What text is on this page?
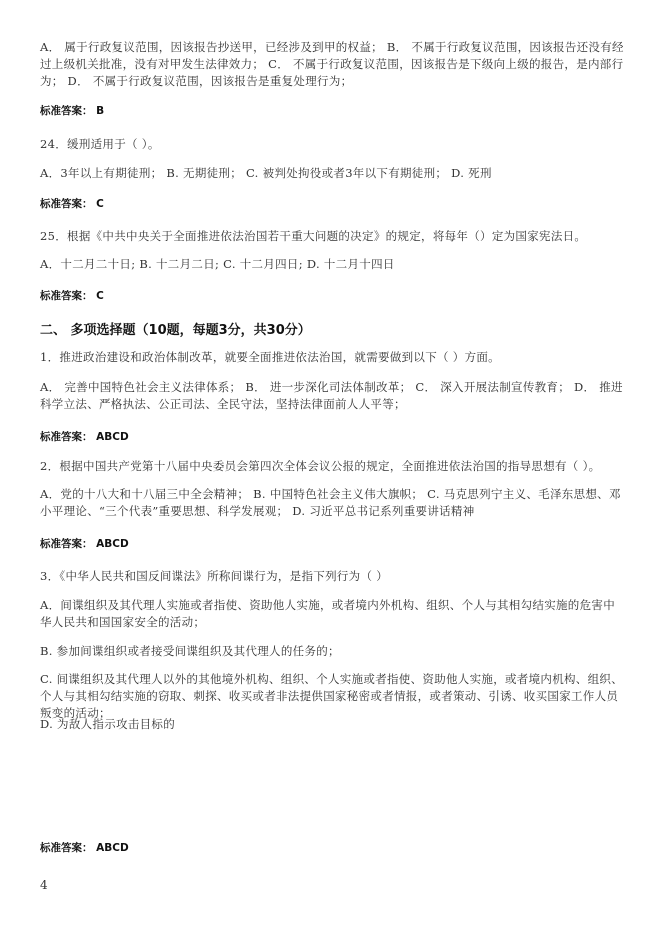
A． 属于行政复议范围，因该报告抄送甲，已经涉及到甲的权益； B． 不属于行政复议范围，因该报告还没有经过上级机关批准，没有对甲发生法律效力； C． 不属于行政复议范围，因该报告是下级向上级的报告，是内部行为； D． 不属于行政复议范围，因该报告是重复处理行为；
标准答案： B
24．缓刑适用于（ ）。
A．3年以上有期徒刑； B. 无期徒刑； C. 被判处拘役或者3年以下有期徒刑； D. 死刑
标准答案： C
25．根据《中共中央关于全面推进依法治国若干重大问题的决定》的规定，将每年（）定为国家宪法日。
A．十二月二十日; B. 十二月二日; C. 十二月四日; D. 十二月十四日
标准答案： C
二、 多项选择题（10题，每题3分，共30分）
1．推进政治建设和政治体制改革，就要全面推进依法治国，就需要做到以下（ ）方面。
A． 完善中国特色社会主义法律体系； B． 进一步深化司法体制改革； C． 深入开展法制宣传教育； D． 推进科学立法、严格执法、公正司法、全民守法，坚持法律面前人人平等；
标准答案： ABCD
2．根据中国共产党第十八届中央委员会第四次全体会议公报的规定，全面推进依法治国的指导思想有（ ）。
A．党的十八大和十八届三中全会精神； B. 中国特色社会主义伟大旗帜； C. 马克思列宁主义、毛泽东思想、邓小平理论、“三个代表”重要思想、科学发展观； D. 习近平总书记系列重要讲话精神
标准答案： ABCD
3．《中华人民共和国反间谍法》所称间谍行为，是指下列行为（ ）
A．间谍组织及其代理人实施或者指使、资助他人实施，或者境内外机构、组织、个人与其相勾结实施的危害中华人民共和国国家安全的活动；
B. 参加间谍组织或者接受间谍组织及其代理人的任务的；
C. 间谍组织及其代理人以外的其他境外机构、组织、个人实施或者指使、资助他人实施，或者境内机构、组织、个人与其相勾结实施的窃取、刺探、收买或者非法提供国家秘密或者情报，或者策动、引诱、收买国家工作人员叛变的活动；
D. 为敌人指示攻击目标的
标准答案： ABCD
4
